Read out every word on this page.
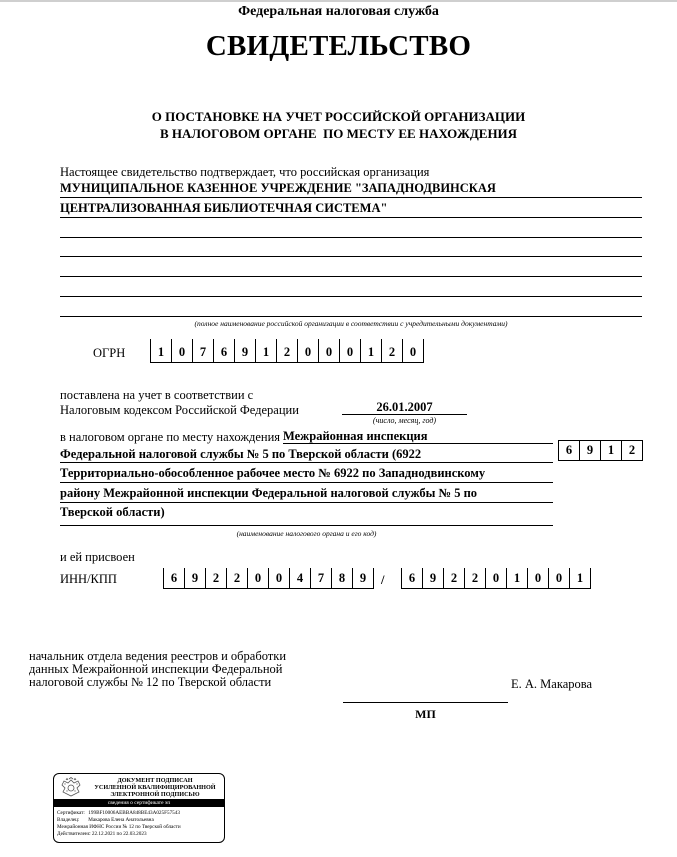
Федеральная налоговая служба
СВИДЕТЕЛЬСТВО
О ПОСТАНОВКЕ НА УЧЕТ РОССИЙСКОЙ ОРГАНИЗАЦИИ
В НАЛОГОВОМ ОРГАНЕ  ПО МЕСТУ ЕЕ НАХОЖДЕНИЯ
Настоящее свидетельство подтверждает, что российская организация
МУНИЦИПАЛЬНОЕ КАЗЕННОЕ УЧРЕЖДЕНИЕ "ЗАПАДНОДВИНСКАЯ
ЦЕНТРАЛИЗОВАННАЯ БИБЛИОТЕЧНАЯ СИСТЕМА"
(полное наименование российской организации в соответствии с учредительными документами)
ОГРН	1	0	7	6	9	1	2	0	0	0	1	2	0
поставлена на учет в соответствии с
Налоговым кодексом Российской Федерации	26.01.2007
(число, месяц, год)
в налоговом органе по месту нахождения Межрайонная инспекция
Федеральной налоговой службы № 5 по Тверской области (6922	6	9	1	2
Территориально-обособленное рабочее место № 6922 по Западнодвинскому
району Межрайонной инспекции Федеральной налоговой службы № 5 по
Тверской области)
(наименование налогового органа и его код)
и ей присвоен
ИНН/КПП	6	9	2	2	0	0	4	7	8	9	/	6	9	2	2	0	1	0	0	1
начальник отдела ведения реестров и обработки
данных Межрайонной инспекции Федеральной
налоговой службы № 12 по Тверской области	Е. А. Макарова
МП
ДОКУМЕНТ ПОДПИСАН
УСИЛЕННОЙ КВАЛИФИЦИРОВАННОЙ
ЭЛЕКТРОННОЙ ПОДПИСЬЮ
сведения о сертификате эп
Сертификат: 199BF10006AEBBA848BE43A025F57543
Владелец: Макарова Елена Анатольевна
Межрайонная ИФНС России № 12 по Тверской области
Действителен: с 22.12.2021 по 22.03.2023
